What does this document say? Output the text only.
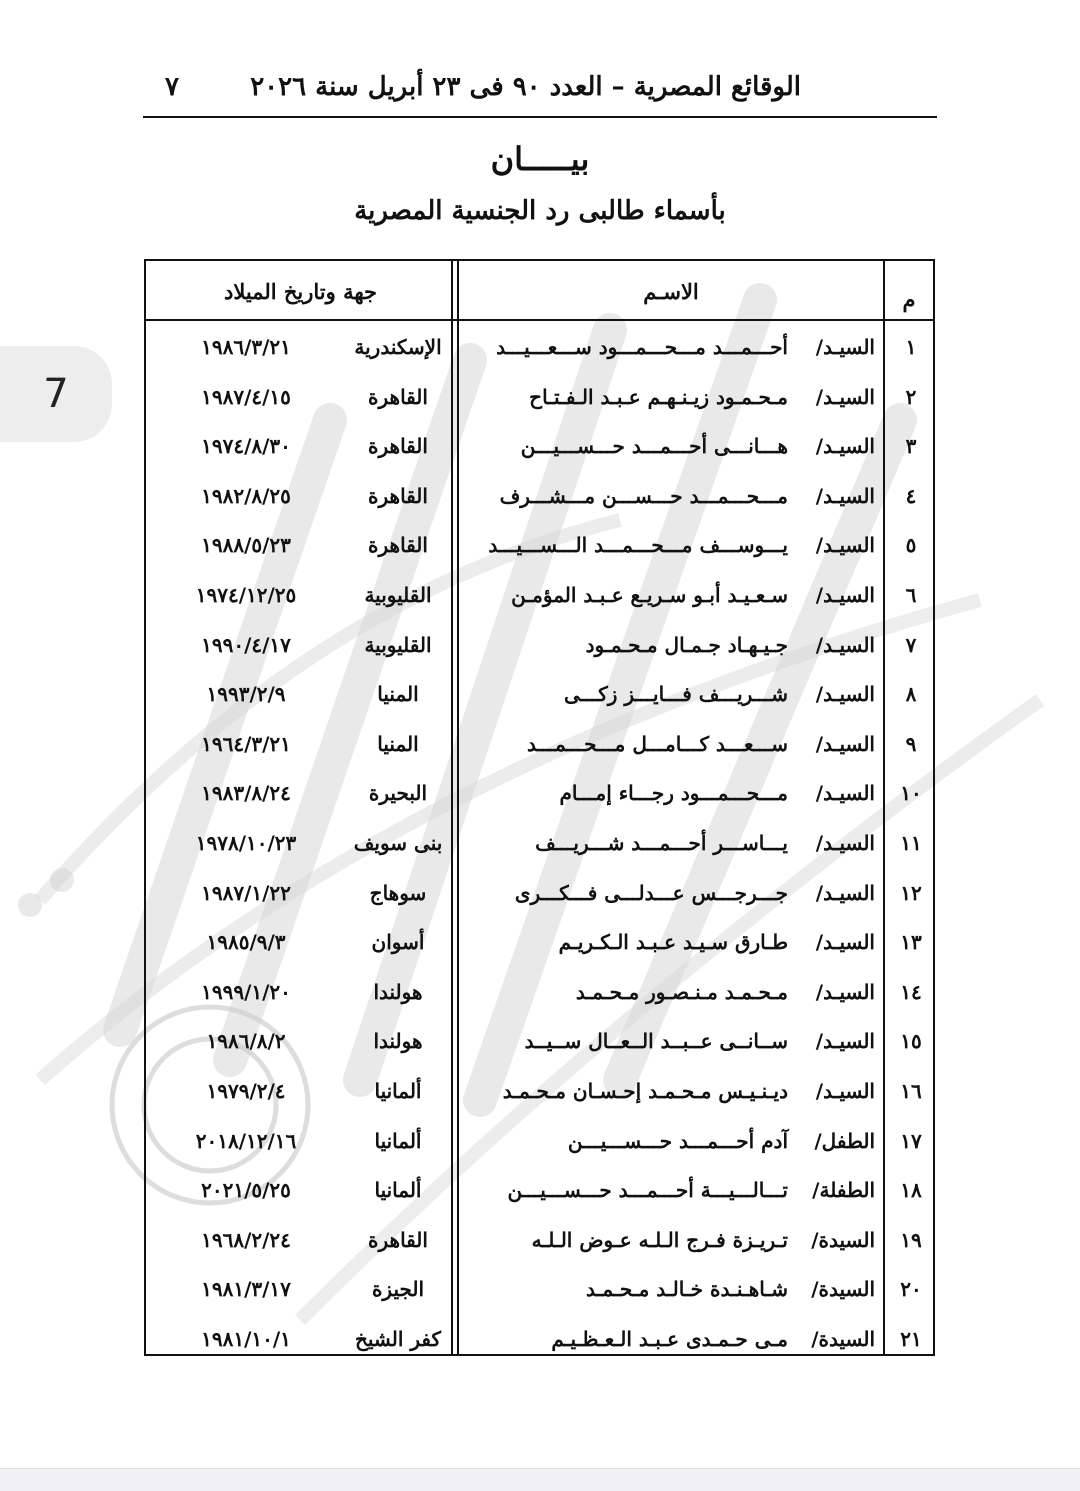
7
الوقائع المصرية – العدد ٩٠ فى ٢٣ أبريل سنة ٢٠٢٦
٧
بيـــــان
بأسماء طالبى رد الجنسية المصرية
م
الاسـم
جهة وتاريخ الميلاد
١
السيـد/
أحـــمـــد مـــحـــمـــود ســـعـــيـــد
الإسكندرية
١٩٨٦/٣/٢١
٢
السيـد/
مـحـمـود زيـنـهـم عـبـد الـفـتـاح
القاهرة
١٩٨٧/٤/١٥
٣
السيـد/
هـــانـــى أحـــمـــد حـــســـيـــن
القاهرة
١٩٧٤/٨/٣٠
٤
السيـد/
مـــحـــمـــد حـــســـن مـــشـــرف
القاهرة
١٩٨٢/٨/٢٥
٥
السيـد/
يـــوســـف مـــحـــمـــد الـــســـيـــد
القاهرة
١٩٨٨/٥/٢٣
٦
السيـد/
سـعـيـد أبـو سـريـع عـبـد المؤمـن
القليوبية
١٩٧٤/١٢/٢٥
٧
السيـد/
جـيـهـاد جـمـال مـحـمـود
القليوبية
١٩٩٠/٤/١٧
٨
السيـد/
شـــريـــف فـــايـــز زكـــى
المنيا
١٩٩٣/٢/٩
٩
السيـد/
ســـعـــد كـــامـــل مـــحـــمـــد
المنيا
١٩٦٤/٣/٢١
١٠
السيـد/
مـــحـــمـــود رجـــاء إمـــام
البحيرة
١٩٨٣/٨/٢٤
١١
السيـد/
يـــاســـر أحـــمـــد شـــريـــف
بنى سويف
١٩٧٨/١٠/٢٣
١٢
السيـد/
جـــرجـــس عـــدلـــى فـــكـــرى
سوهاج
١٩٨٧/١/٢٢
١٣
السيـد/
طـارق سـيـد عـبـد الـكـريـم
أسوان
١٩٨٥/٩/٣
١٤
السيـد/
مـحـمـد مـنـصـور مـحـمـد
هولندا
١٩٩٩/١/٢٠
١٥
السيـد/
ســانــى عــبــد الــعــال ســيــد
هولندا
١٩٨٦/٨/٢
١٦
السيـد/
ديـنـيـس مـحـمـد إحـسـان مـحـمـد
ألمانيا
١٩٧٩/٢/٤
١٧
الطفل/
آدم أحـــمـــد حـــســـيـــن
ألمانيا
٢٠١٨/١٢/١٦
١٨
الطفلة/
تـــالـــيـــة أحـــمـــد حـــســـيـــن
ألمانيا
٢٠٢١/٥/٢٥
١٩
السيدة/
تـريـزة فـرج الـلـه عـوض الـلـه
القاهرة
١٩٦٨/٢/٢٤
٢٠
السيدة/
شـاهـنـدة خـالـد مـحـمـد
الجيزة
١٩٨١/٣/١٧
٢١
السيدة/
مـى حـمـدى عـبـد الـعـظـيـم
كفر الشيخ
١٩٨١/١٠/١
